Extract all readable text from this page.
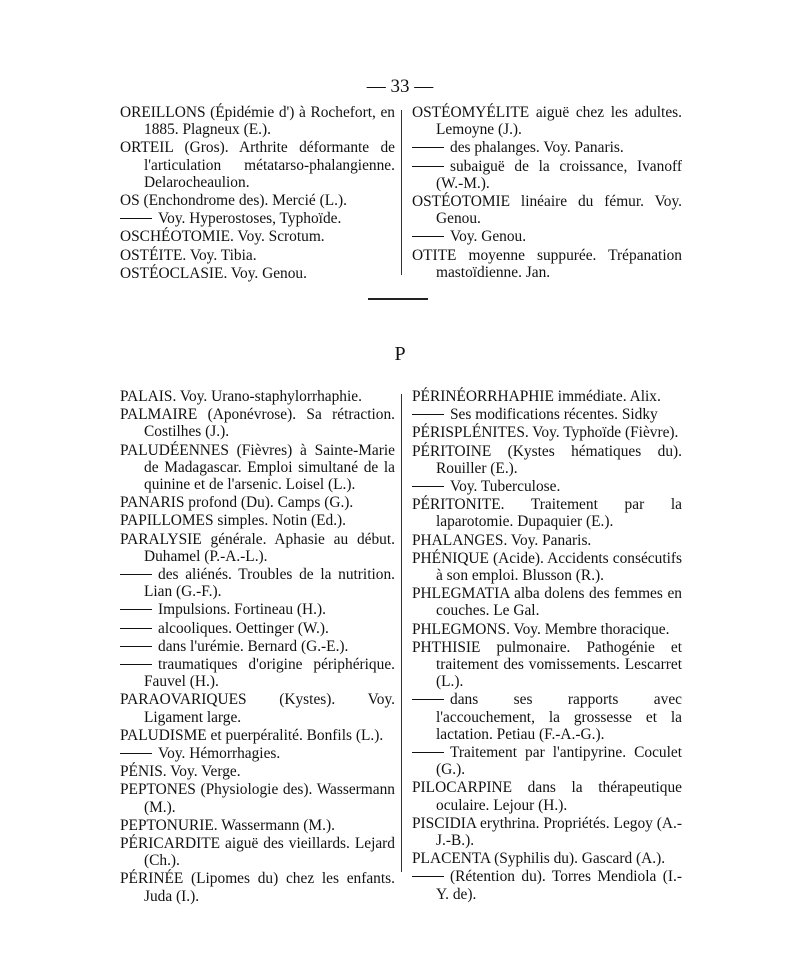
— 33 —
OREILLONS (Épidémie d') à Rochefort, en 1885. Plagneux (E.).
ORTEIL (Gros). Arthrite déformante de l'articulation métatarso-phalangienne. Delarocheaulion.
OS (Enchondrome des). Mercié (L.).
Voy. Hyperostoses, Typhoïde.
OSCHÉOTOMIE. Voy. Scrotum.
OSTÉITE. Voy. Tibia.
OSTÉOCLASIE. Voy. Genou.
OSTÉOMYÉLITE aiguë chez les adultes. Lemoyne (J.).
des phalanges. Voy. Panaris.
subaiguë de la croissance, Ivanoff (W.-M.).
OSTÉOTOMIE linéaire du fémur. Voy. Genou.
Voy. Genou.
OTITE moyenne suppurée. Trépanation mastoïdienne. Jan.
P
PALAIS. Voy. Urano-staphylorrhaphie.
PALMAIRE (Aponévrose). Sa rétraction. Costilhes (J.).
PALUDÉENNES (Fièvres) à Sainte-Marie de Madagascar. Emploi simultané de la quinine et de l'arsenic. Loisel (L.).
PANARIS profond (Du). Camps (G.).
PAPILLOMES simples. Notin (Ed.).
PARALYSIE générale. Aphasie au début. Duhamel (P.-A.-L.).
des aliénés. Troubles de la nutrition. Lian (G.-F.).
Impulsions. Fortineau (H.).
alcooliques. Oettinger (W.).
dans l'urémie. Bernard (G.-E.).
traumatiques d'origine périphérique. Fauvel (H.).
PARAOVARIQUES (Kystes). Voy. Ligament large.
PALUDISME et puerpéralité. Bonfils (L.).
Voy. Hémorrhagies.
PÉNIS. Voy. Verge.
PEPTONES (Physiologie des). Wassermann (M.).
PEPTONURIE. Wassermann (M.).
PÉRICARDITE aiguë des vieillards. Lejard (Ch.).
PÉRINÉE (Lipomes du) chez les enfants. Juda (I.).
PÉRINÉORRHAPHIE immédiate. Alix.
Ses modifications récentes. Sidky
PÉRISPLÉNITES. Voy. Typhoïde (Fièvre).
PÉRITOINE (Kystes hématiques du). Rouiller (E.).
Voy. Tuberculose.
PÉRITONITE. Traitement par la laparotomie. Dupaquier (E.).
PHALANGES. Voy. Panaris.
PHÉNIQUE (Acide). Accidents consécutifs à son emploi. Blusson (R.).
PHLEGMATIA alba dolens des femmes en couches. Le Gal.
PHLEGMONS. Voy. Membre thoracique.
PHTHISIE pulmonaire. Pathogénie et traitement des vomissements. Lescarret (L.).
dans ses rapports avec l'accouchement, la grossesse et la lactation. Petiau (F.-A.-G.).
Traitement par l'antipyrine. Coculet (G.).
PILOCARPINE dans la thérapeutique oculaire. Lejour (H.).
PISCIDIA erythrina. Propriétés. Legoy (A.-J.-B.).
PLACENTA (Syphilis du). Gascard (A.).
(Rétention du). Torres Mendiola (I.-Y. de).
